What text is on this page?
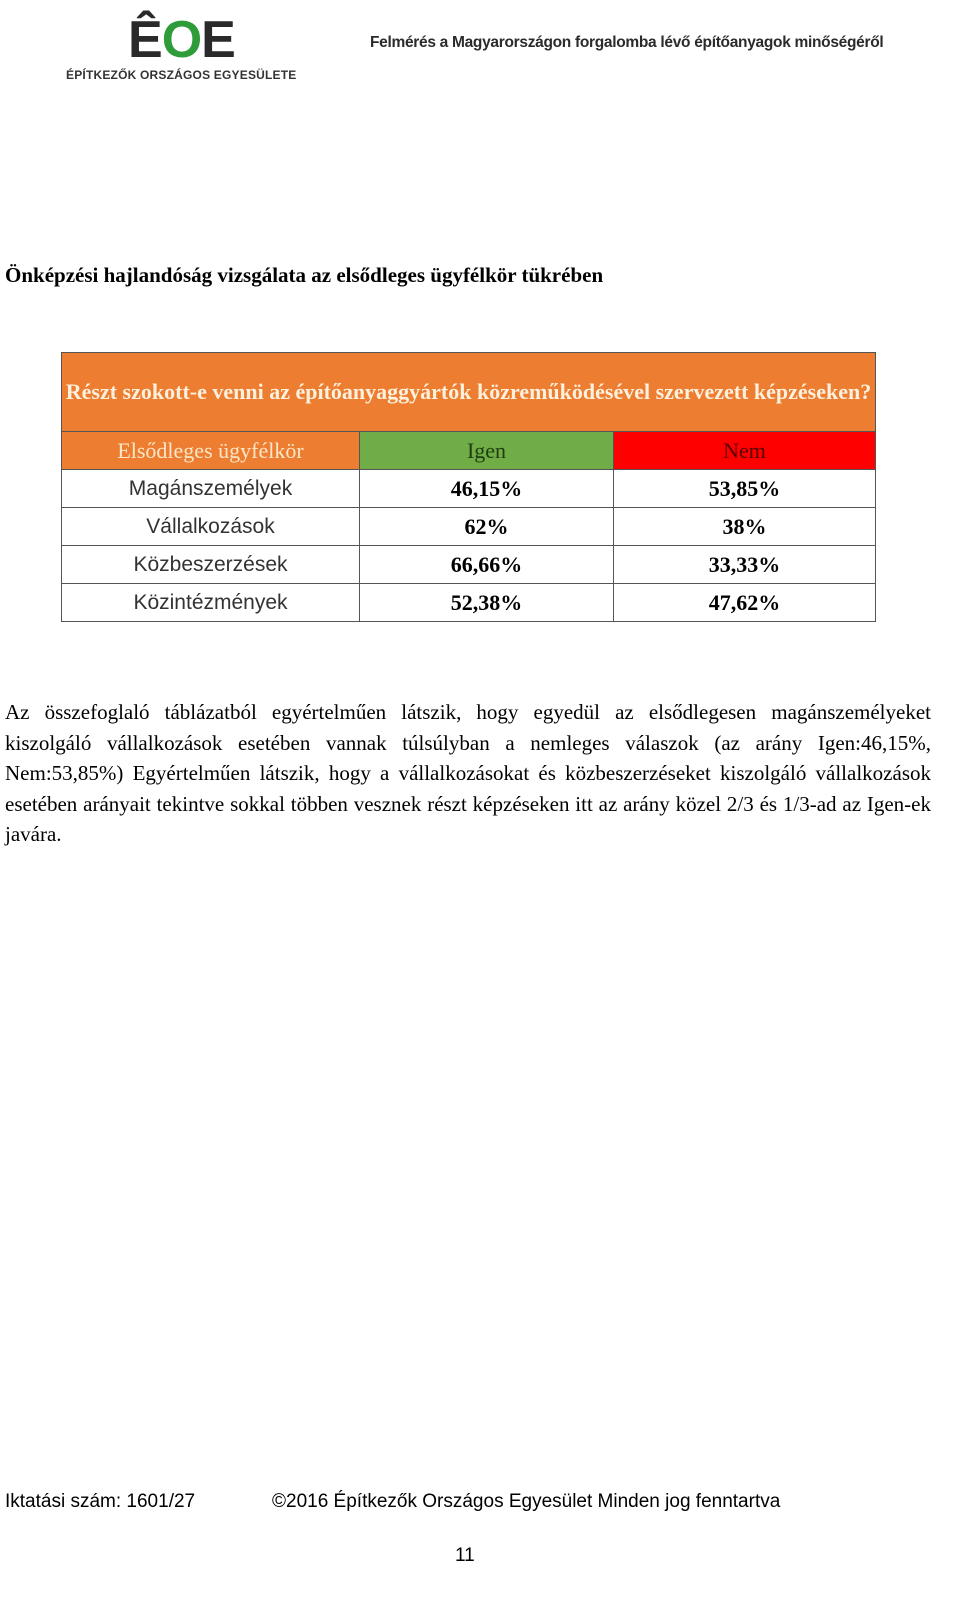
ÊOE
ÉPÍTKEZŐK ORSZÁGOS EGYESÜLETE
Felmérés a Magyarországon forgalomba lévő építőanyagok minőségéről
Önképzési hajlandóság vizsgálata az elsődleges ügyfélkör tükrében
Részt szokott-e venni az építőanyaggyártók közreműködésével szervezett képzéseken?		
Elsődleges ügyfélkör	Igen	Nem
Magánszemélyek	46,15%	53,85%
Vállalkozások	62%	38%
Közbeszerzések	66,66%	33,33%
Közintézmények	52,38%	47,62%

Az összefoglaló táblázatból egyértelműen látszik, hogy egyedül az elsődlegesen magánszemélyeket kiszolgáló vállalkozások esetében vannak túlsúlyban a nemleges válaszok (az arány Igen:46,15%, Nem:53,85%) Egyértelműen látszik, hogy a vállalkozásokat és közbeszerzéseket kiszolgáló vállalkozások esetében arányait tekintve sokkal többen vesznek részt képzéseken itt az arány közel 2/3 és 1/3-ad az Igen-ek javára.

Iktatási szám: 1601/27	©2016 Építkezők Országos Egyesület Minden jog fenntartva
11
